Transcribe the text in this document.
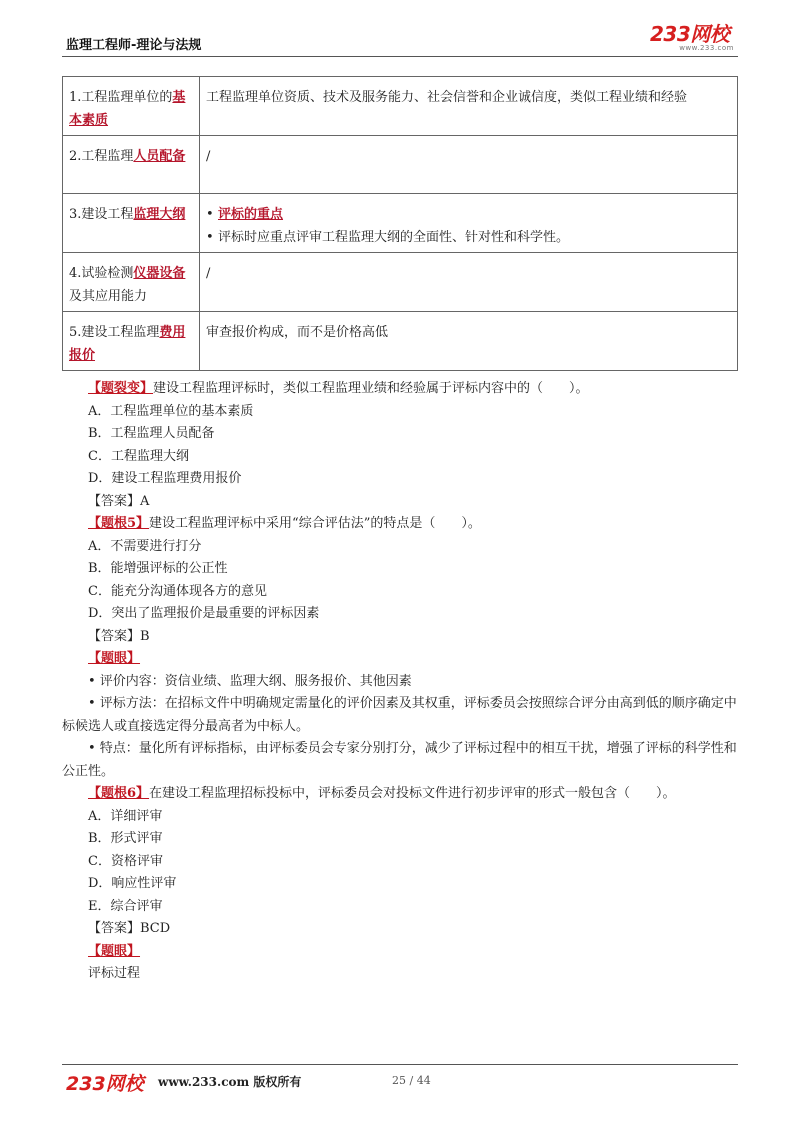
监理工程师-理论与法规	233网校
www.233.com
1.工程监理单位的基本素质	工程监理单位资质、技术及服务能力、社会信誉和企业诚信度，类似工程业绩和经验
2.工程监理人员配备	/
3.建设工程监理大纲	• 评标的重点
• 评标时应重点评审工程监理大纲的全面性、针对性和科学性。

4.试验检测仪器设备及其应用能力	/
5.建设工程监理费用报价	审查报价构成，而不是价格高低
【题裂变】建设工程监理评标时，类似工程监理业绩和经验属于评标内容中的（　　）。
A．工程监理单位的基本素质
B．工程监理人员配备
C．工程监理大纲
D．建设工程监理费用报价
【答案】A
【题根5】建设工程监理评标中采用“综合评估法”的特点是（　　）。
A．不需要进行打分
B．能增强评标的公正性
C．能充分沟通体现各方的意见
D．突出了监理报价是最重要的评标因素
【答案】B
【题眼】
• 评价内容：资信业绩、监理大纲、服务报价、其他因素
• 评标方法：在招标文件中明确规定需量化的评价因素及其权重，评标委员会按照综合评分由高到低的顺序确定中标候选人或直接选定得分最高者为中标人。
• 特点：量化所有评标指标，由评标委员会专家分别打分，减少了评标过程中的相互干扰，增强了评标的科学性和公正性。
【题根6】在建设工程监理招标投标中，评标委员会对投标文件进行初步评审的形式一般包含（　　）。
A．详细评审
B．形式评审
C．资格评审
D．响应性评审
E．综合评审
【答案】BCD
【题眼】
评标过程
233网校 www.233.com 版权所有	25 / 44
